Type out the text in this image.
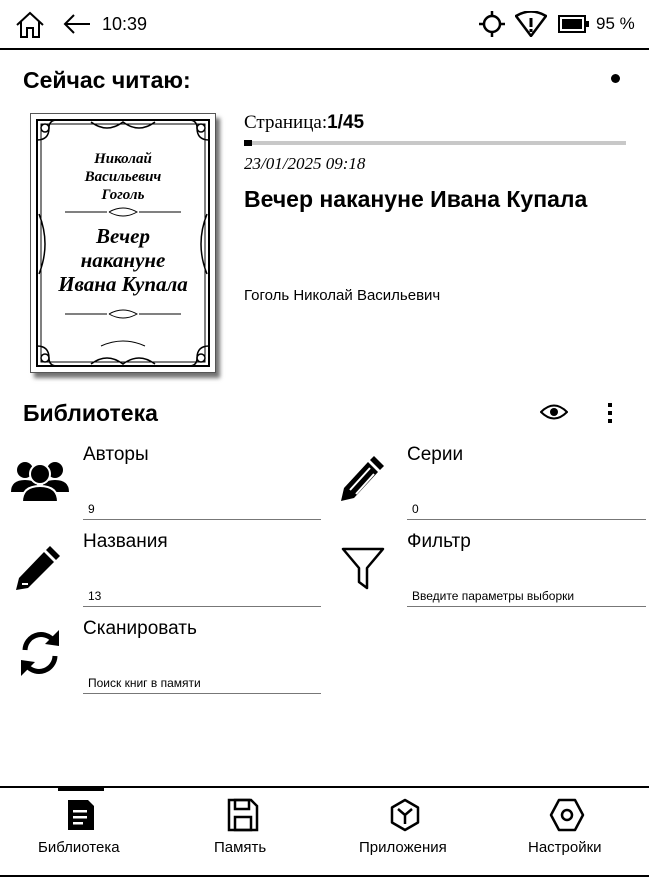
10:39	95 %
Сейчас читаю:
Николай
Васильевич
Гоголь
Вечер
накануне
Ивана Купала
Страница:1/45
23/01/2025 09:18
Вечер накануне Ивана Купала
Гоголь Николай Васильевич
Библиотека
Авторы
9
Серии
0
Названия
13
Фильтр
Введите параметры выборки
Сканировать
Поиск книг в памяти
Библиотека	Память	Приложения	Настройки
